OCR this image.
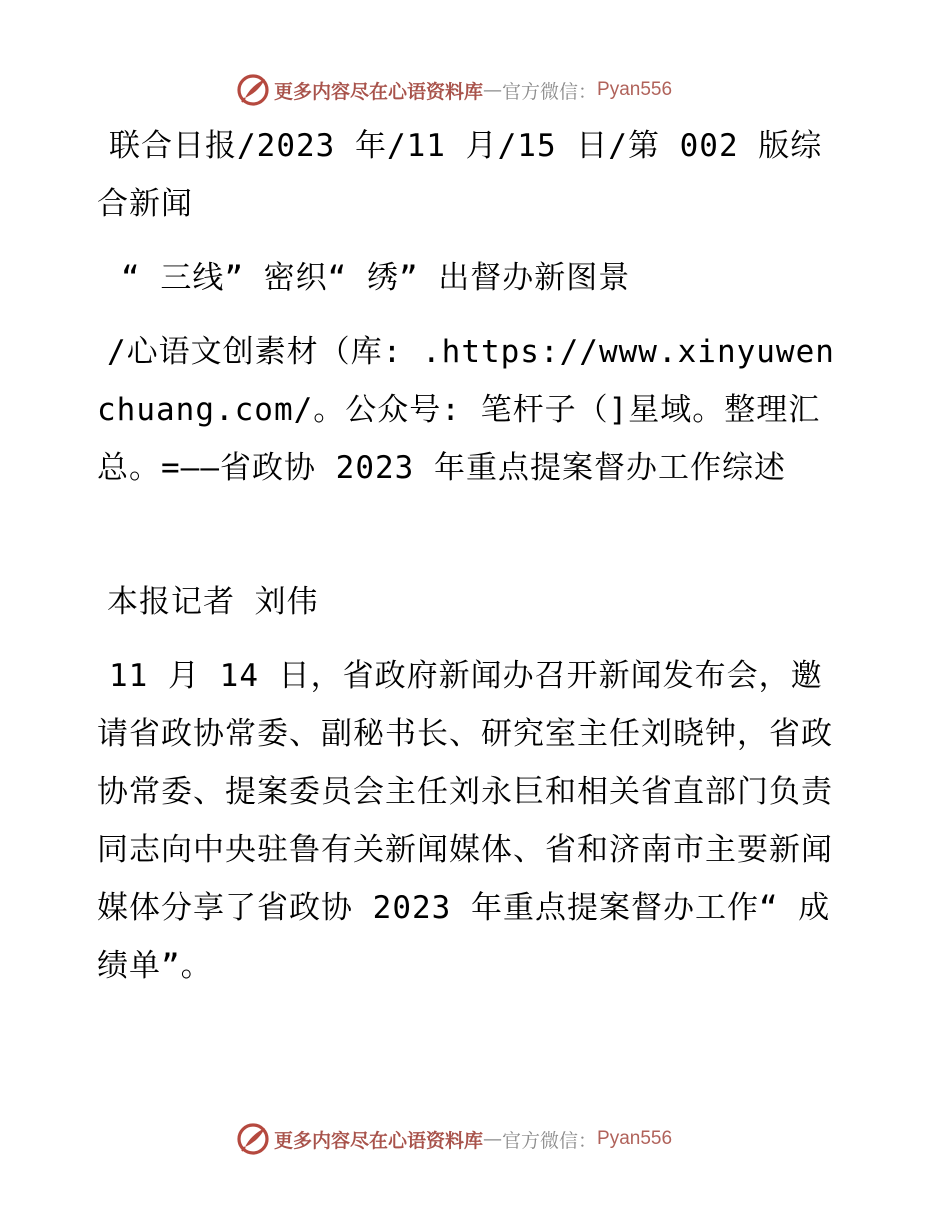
更多内容尽在心语资料库 — 官方微信： Pyan556

联合日报/2023 年/11 月/15 日/第 002 版综合新闻

“ 三线” 密织“ 绣” 出督办新图景

/心语文创素材（库: .https://www.xinyuwenchuang.com/。公众号: 笔杆子（]星域。整理汇总。=——省政协 2023 年重点提案督办工作综述

本报记者 刘伟

11 月 14 日，省政府新闻办召开新闻发布会，邀请省政协常委、副秘书长、研究室主任刘晓钟，省政协常委、提案委员会主任刘永巨和相关省直部门负责同志向中央驻鲁有关新闻媒体、省和济南市主要新闻媒体分享了省政协 2023 年重点提案督办工作“ 成绩单”。

更多内容尽在心语资料库 — 官方微信： Pyan556
